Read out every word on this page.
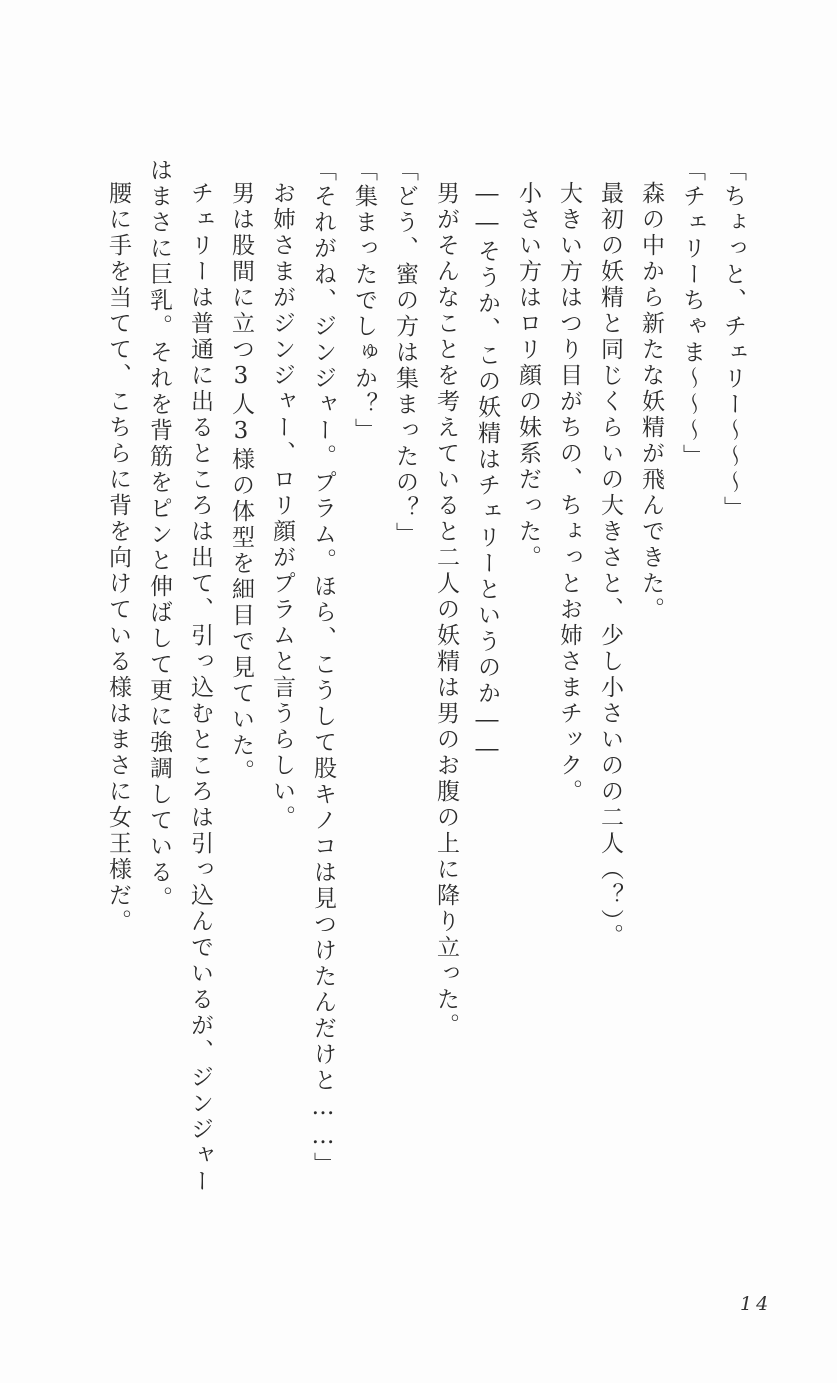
「ちょっと、チェリー〜〜〜」

「チェリーちゃま〜〜〜」

森の中から新たな妖精が飛んできた。

最初の妖精と同じくらいの大きさと、少し小さいのの二人（？）。

大きい方はつり目がちの、ちょっとお姉さまチック。

小さい方はロリ顔の妹系だった。

――そうか、この妖精はチェリーというのか――

男がそんなことを考えていると二人の妖精は男のお腹の上に降り立った。

「どう、蜜の方は集まったの？」

「集まったでしゅか？」

「それがね、ジンジャー。プラム。ほら、こうして股キノコは見つけたんだけと……」

お姉さまがジンジャー、ロリ顔がプラムと言うらしい。

男は股間に立つ3人3様の体型を細目で見ていた。

チェリーは普通に出るところは出て、引っ込むところは引っ込んでいるが、ジンジャーはまさに巨乳。それを背筋をピンと伸ばして更に強調している。

腰に手を当てて、こちらに背を向けている様はまさに女王様だ。

14
